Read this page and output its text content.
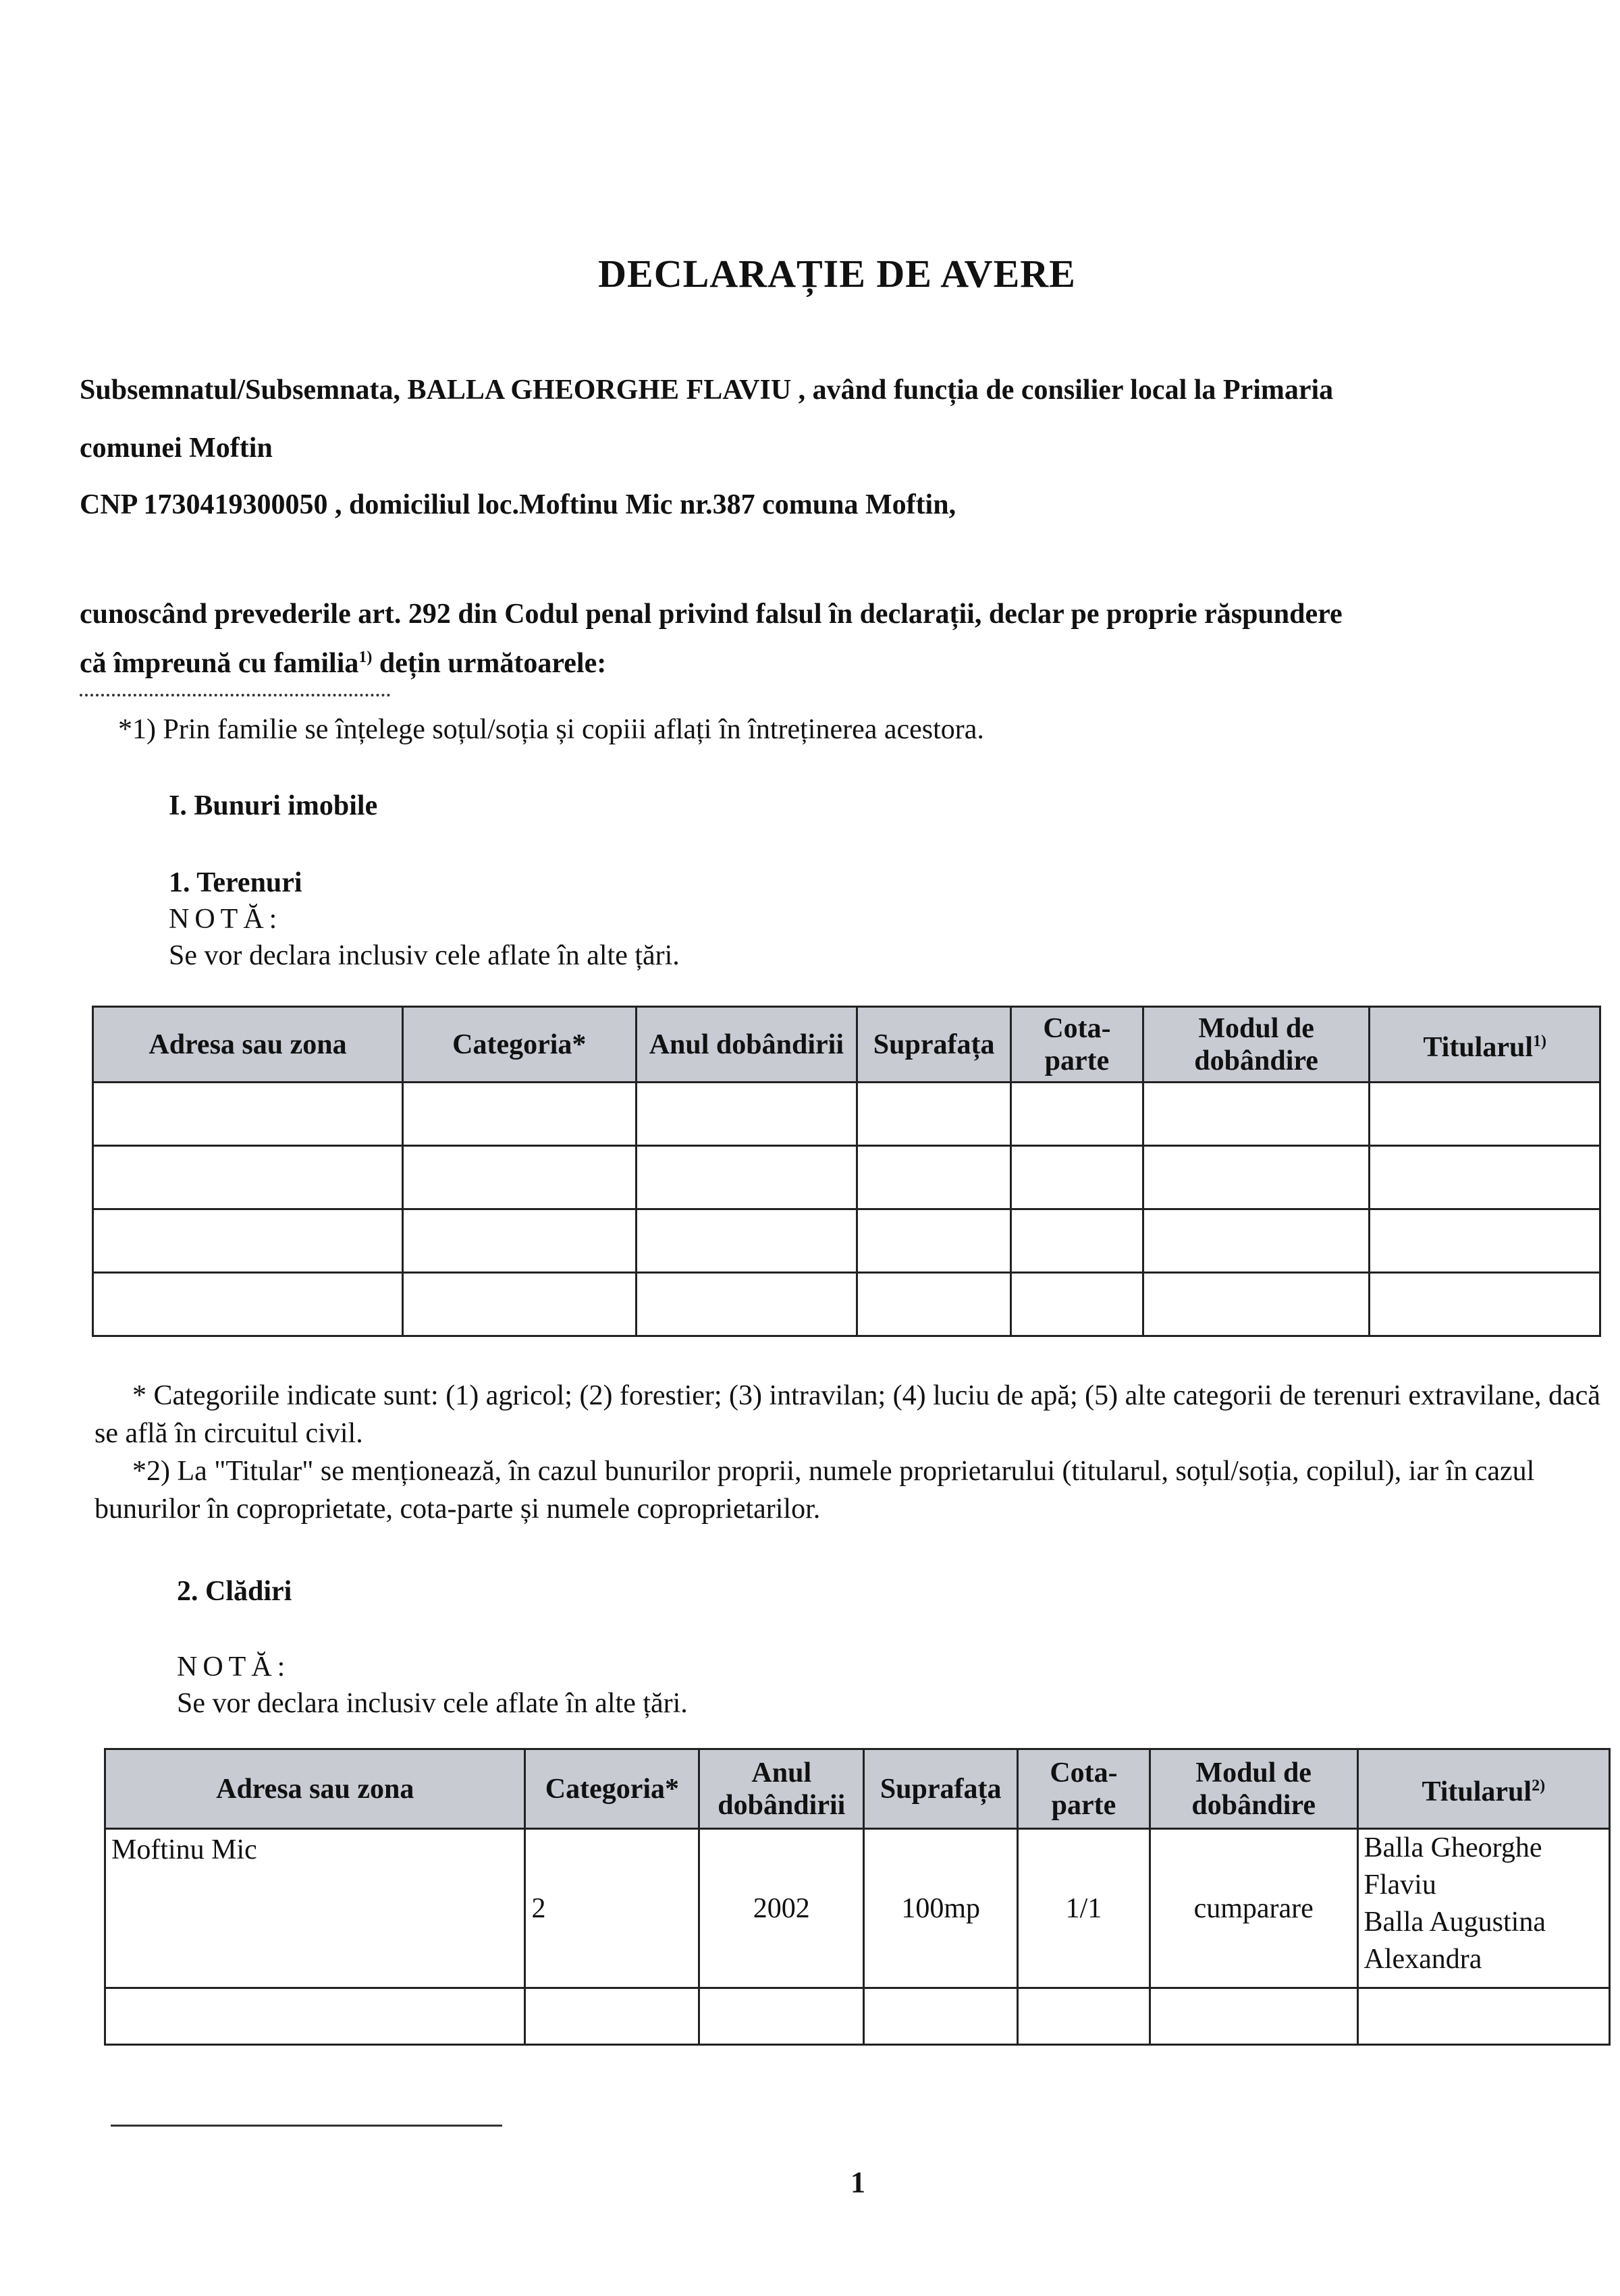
DECLARAȚIE DE AVERE
Subsemnatul/Subsemnata, BALLA GHEORGHE FLAVIU , având funcția de consilier local la Primaria
comunei Moftin
CNP 1730419300050 , domiciliul loc.Moftinu Mic nr.387 comuna Moftin,
cunoscând prevederile art. 292 din Codul penal privind falsul în declarații, declar pe proprie răspundere
că împreună cu familia$^{1)}$ dețin următoarele:
*1) Prin familie se înțelege soțul/soția și copiii aflați în întreținerea acestora.
I. Bunuri imobile
1. Terenuri
NOTĂ:
Se vor declara inclusiv cele aflate în alte țări.
Adresa sau zona	Categoria*	Anul dobândirii	Suprafața	Cota-parte	Modul de dobândire	Titularul$^{1)}$

* Categoriile indicate sunt: (1) agricol; (2) forestier; (3) intravilan; (4) luciu de apă; (5) alte categorii de terenuri extravilane, dacă se află în circuitul civil.
*2) La "Titular" se menționează, în cazul bunurilor proprii, numele proprietarului (titularul, soțul/soția, copilul), iar în cazul bunurilor în coproprietate, cota-parte și numele coproprietarilor.
2. Clădiri
NOTĂ:
Se vor declara inclusiv cele aflate în alte țări.
Adresa sau zona	Categoria*	Anul dobândirii	Suprafața	Cota-parte	Modul de dobândire	Titularul$^{2)}$
Moftinu Mic	2	2002	100mp	1/1	cumparare	Balla Gheorghe
Flaviu
Balla Augustina
Alexandra

1
